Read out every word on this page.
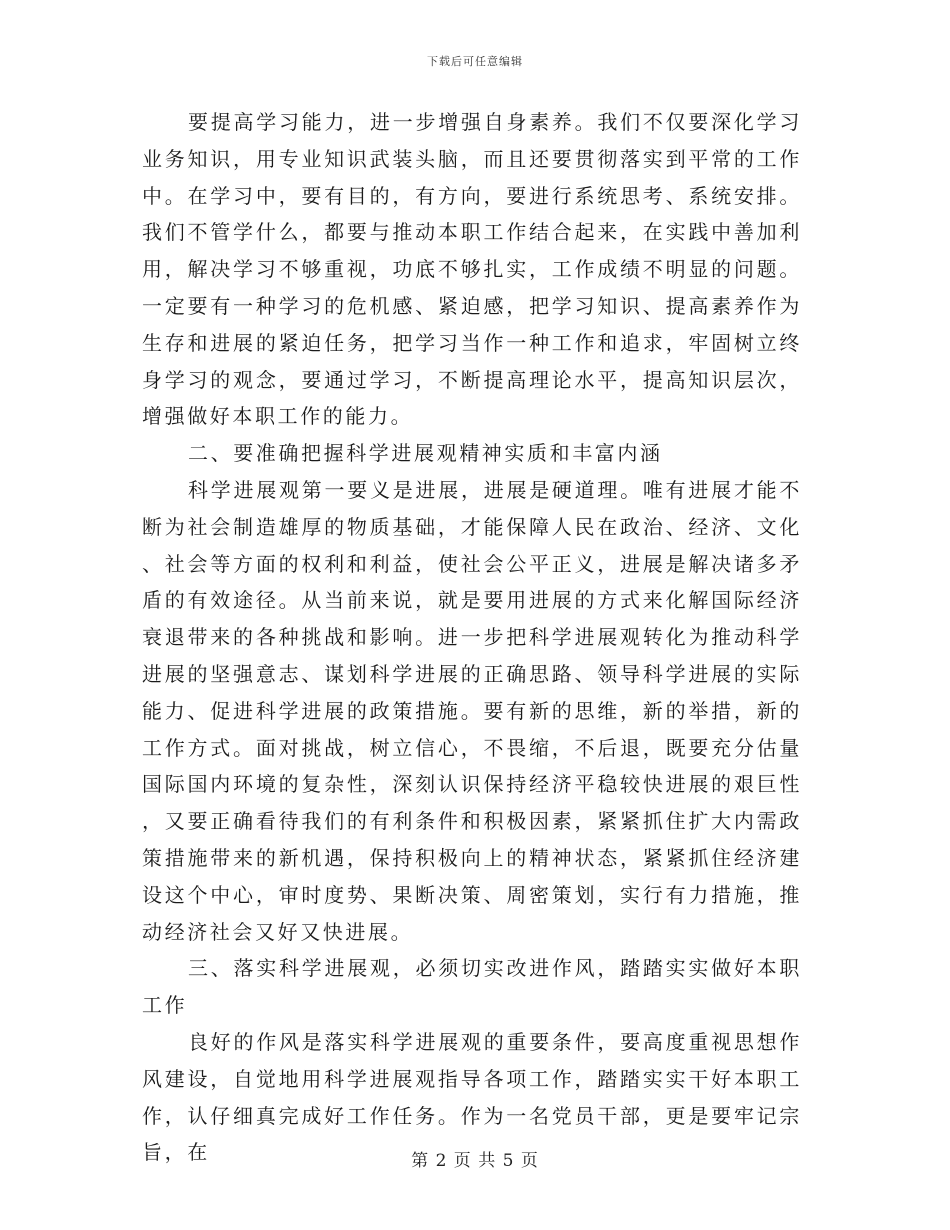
下载后可任意编辑

要提高学习能力，进一步增强自身素养。我们不仅要深化学习业务知识，用专业知识武装头脑，而且还要贯彻落实到平常的工作中。在学习中，要有目的，有方向，要进行系统思考、系统安排。我们不管学什么，都要与推动本职工作结合起来，在实践中善加利用，解决学习不够重视，功底不够扎实，工作成绩不明显的问题。一定要有一种学习的危机感、紧迫感，把学习知识、提高素养作为生存和进展的紧迫任务，把学习当作一种工作和追求，牢固树立终身学习的观念，要通过学习，不断提高理论水平，提高知识层次，增强做好本职工作的能力。

二、要准确把握科学进展观精神实质和丰富内涵

科学进展观第一要义是进展，进展是硬道理。唯有进展才能不断为社会制造雄厚的物质基础，才能保障人民在政治、经济、文化、社会等方面的权利和利益，使社会公平正义，进展是解决诸多矛盾的有效途径。从当前来说，就是要用进展的方式来化解国际经济衰退带来的各种挑战和影响。进一步把科学进展观转化为推动科学进展的坚强意志、谋划科学进展的正确思路、领导科学进展的实际能力、促进科学进展的政策措施。要有新的思维，新的举措，新的工作方式。面对挑战，树立信心，不畏缩，不后退，既要充分估量国际国内环境的复杂性，深刻认识保持经济平稳较快进展的艰巨性，又要正确看待我们的有利条件和积极因素，紧紧抓住扩大内需政策措施带来的新机遇，保持积极向上的精神状态，紧紧抓住经济建设这个中心，审时度势、果断决策、周密策划，实行有力措施，推动经济社会又好又快进展。

三、落实科学进展观，必须切实改进作风，踏踏实实做好本职工作

良好的作风是落实科学进展观的重要条件，要高度重视思想作风建设，自觉地用科学进展观指导各项工作，踏踏实实干好本职工作，认仔细真完成好工作任务。作为一名党员干部，更是要牢记宗旨，在	第 2 页 共 5 页
